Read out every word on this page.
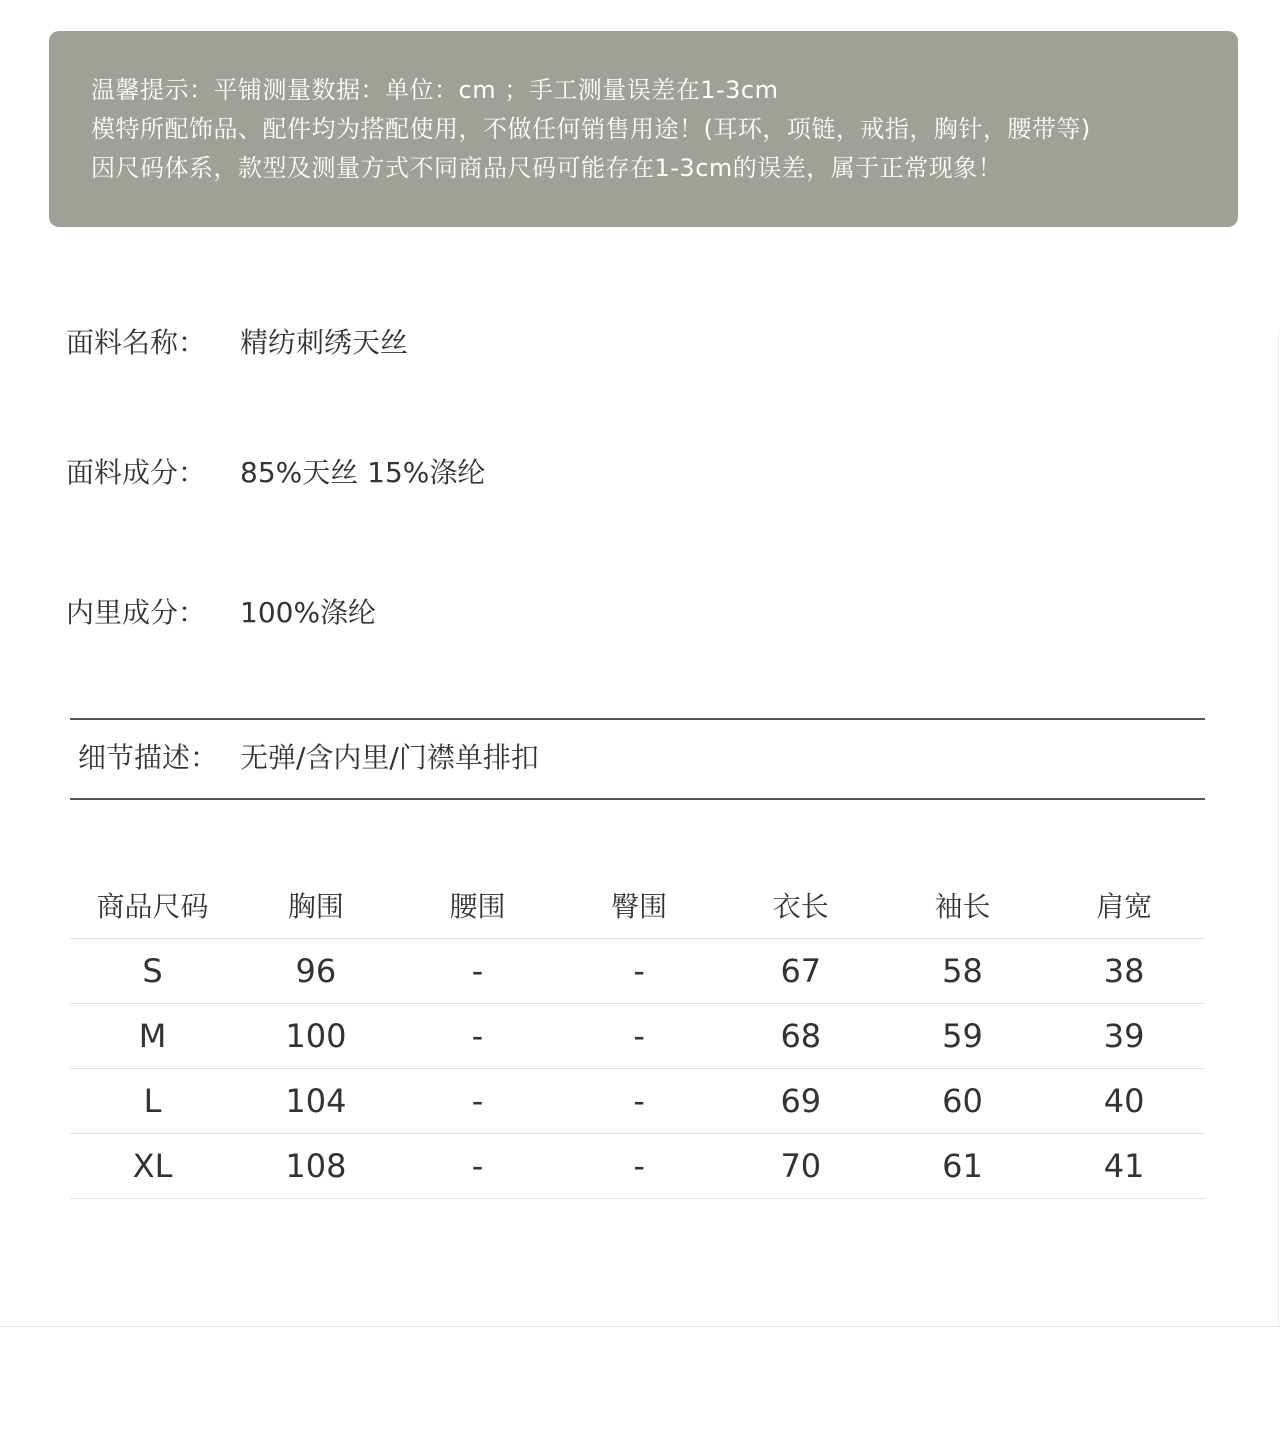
温馨提示：平铺测量数据：单位：cm ；手工测量误差在1-3cm
模特所配饰品、配件均为搭配使用，不做任何销售用途！(耳环，项链，戒指，胸针，腰带等)
因尺码体系，款型及测量方式不同商品尺码可能存在1-3cm的误差，属于正常现象！
面料名称： 精纺刺绣天丝
面料成分： 85%天丝 15%涤纶
内里成分： 100%涤纶
细节描述： 无弹/含内里/门襟单排扣
商品尺码	胸围	腰围	臀围	衣长	袖长	肩宽
S	96	-	-	67	58	38
M	100	-	-	68	59	39
L	104	-	-	69	60	40
XL	108	-	-	70	61	41
